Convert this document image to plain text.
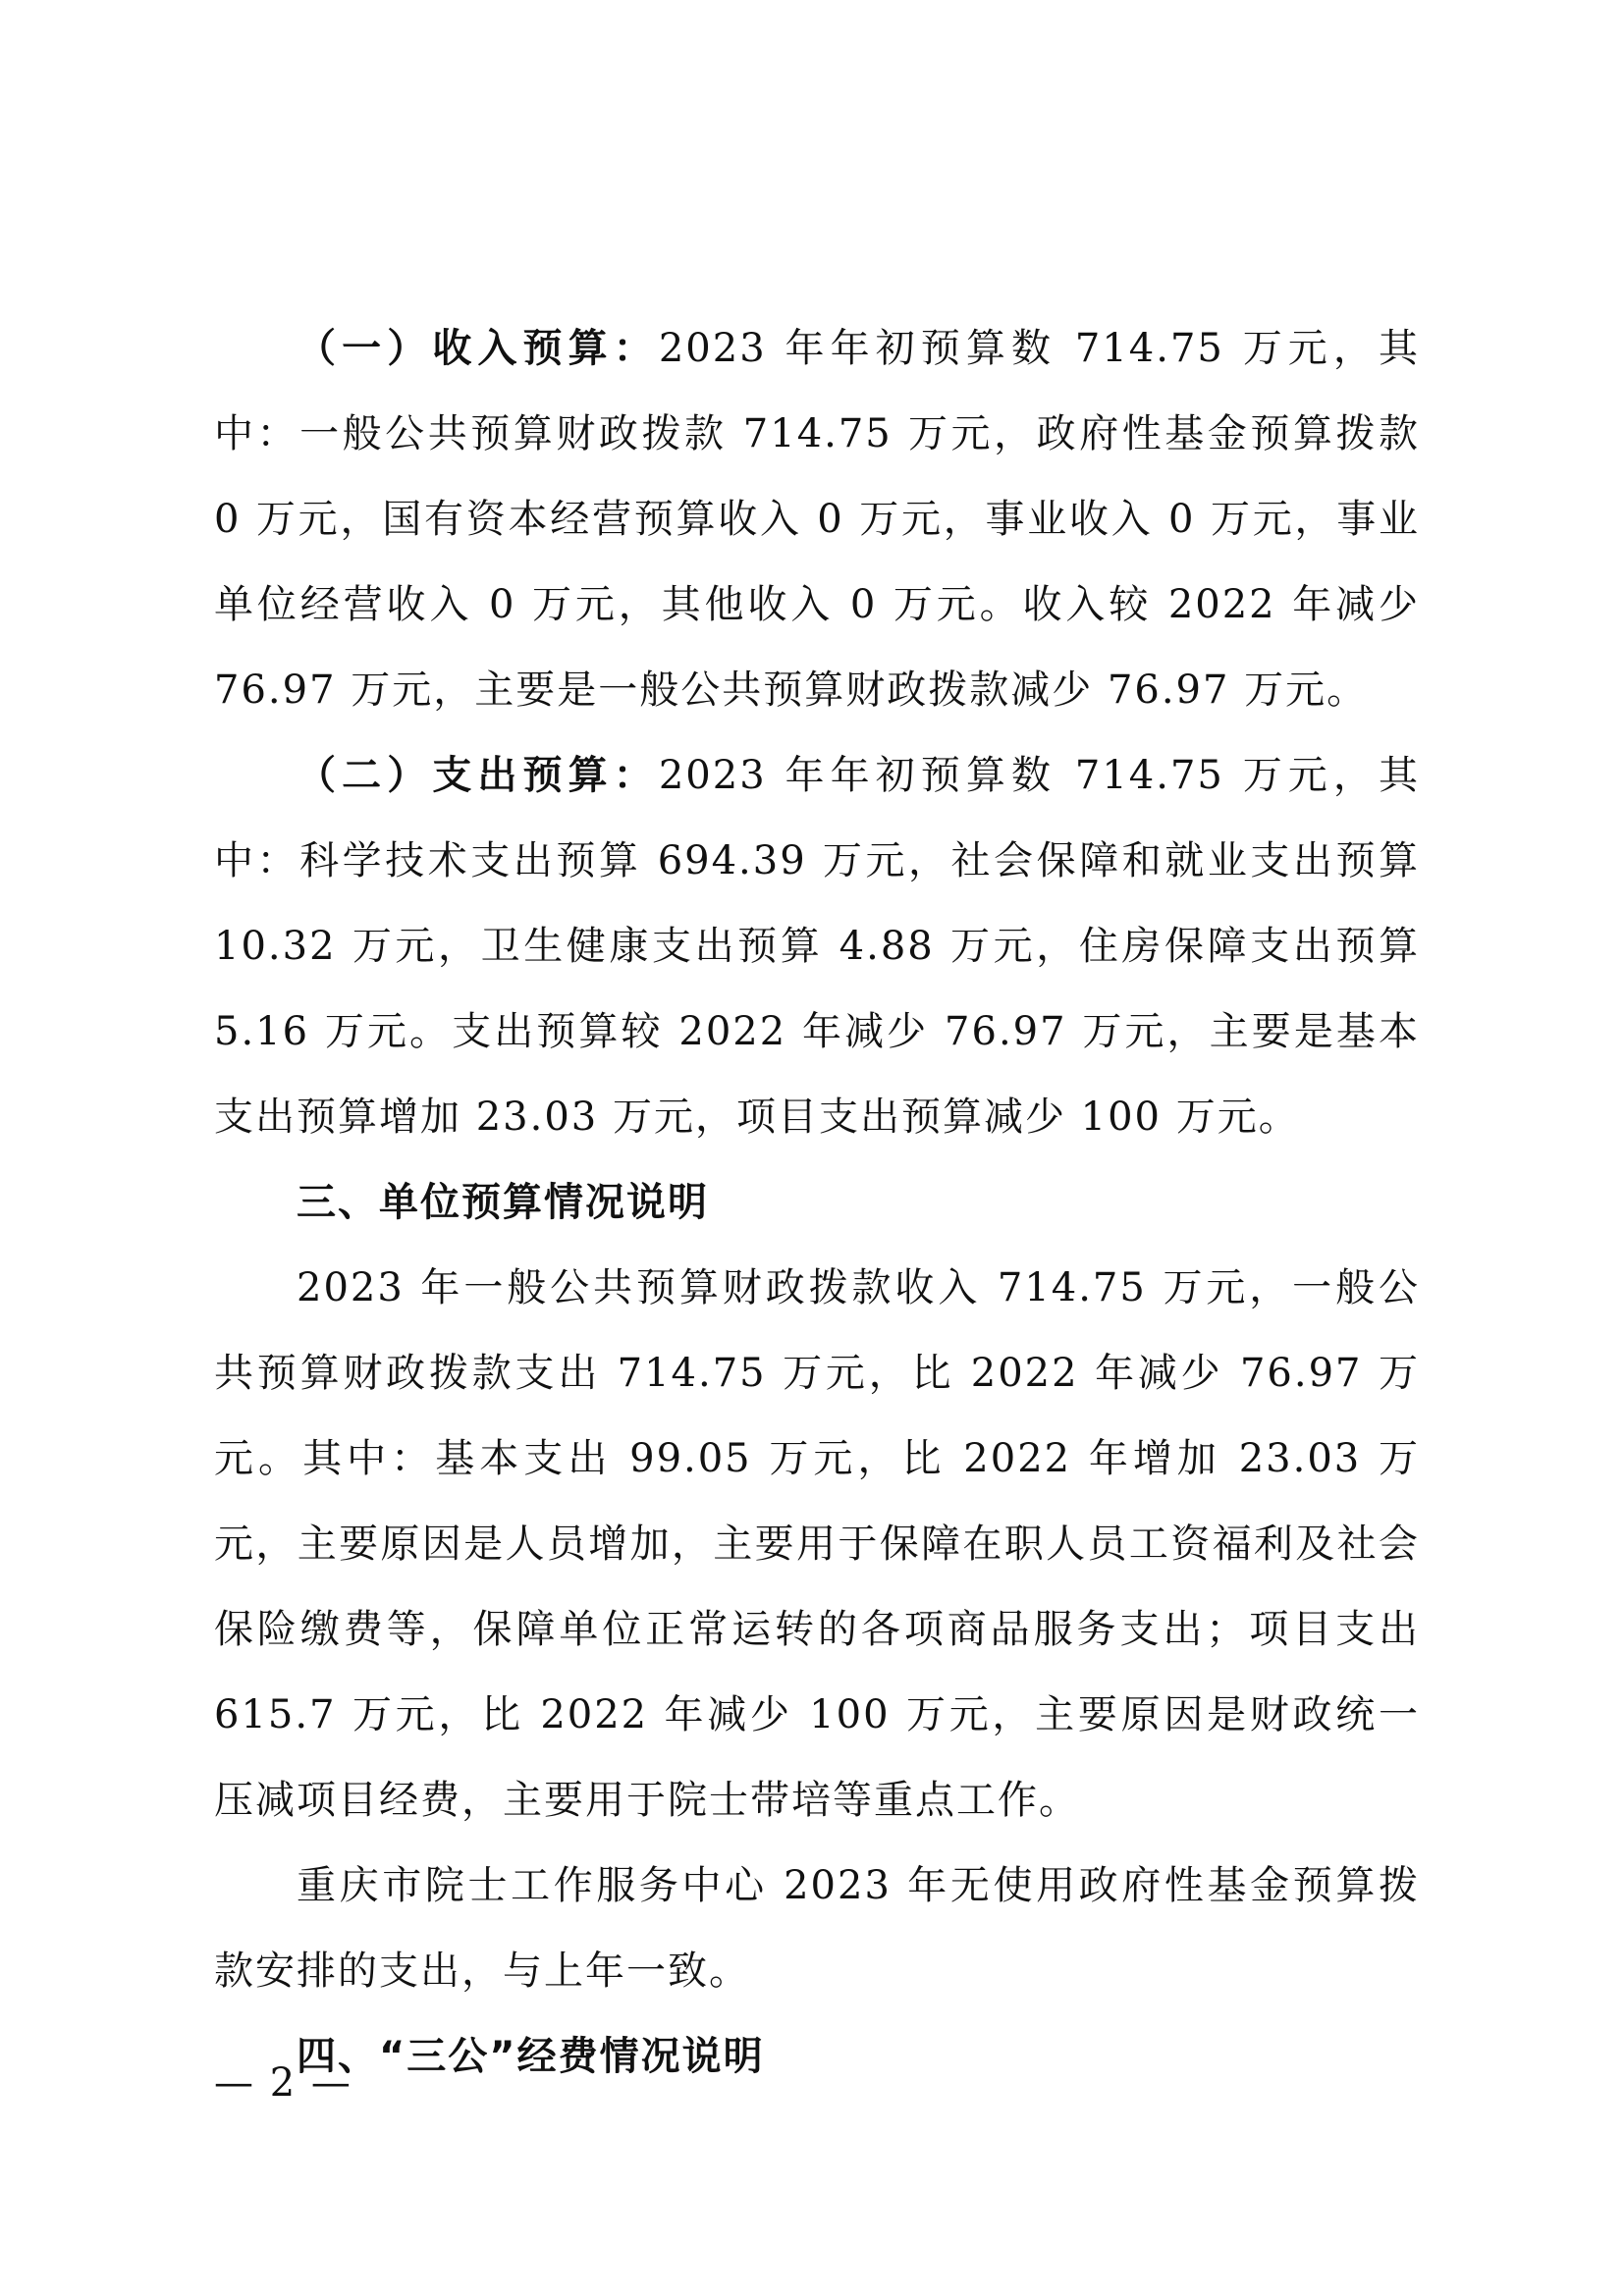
（一）收入预算：2023 年年初预算数 714.75 万元，其中：一般公共预算财政拨款 714.75 万元，政府性基金预算拨款 0 万元，国有资本经营预算收入 0 万元，事业收入 0 万元，事业单位经营收入 0 万元，其他收入 0 万元。收入较 2022 年减少 76.97 万元，主要是一般公共预算财政拨款减少 76.97 万元。

（二）支出预算：2023 年年初预算数 714.75 万元，其中：科学技术支出预算 694.39 万元，社会保障和就业支出预算 10.32 万元，卫生健康支出预算 4.88 万元，住房保障支出预算 5.16 万元。支出预算较 2022 年减少 76.97 万元，主要是基本支出预算增加 23.03 万元，项目支出预算减少 100 万元。

三、单位预算情况说明

2023 年一般公共预算财政拨款收入 714.75 万元，一般公共预算财政拨款支出 714.75 万元，比 2022 年减少 76.97 万元。其中：基本支出 99.05 万元，比 2022 年增加 23.03 万元，主要原因是人员增加，主要用于保障在职人员工资福利及社会保险缴费等，保障单位正常运转的各项商品服务支出；项目支出 615.7 万元，比 2022 年减少 100 万元，主要原因是财政统一压减项目经费，主要用于院士带培等重点工作。

重庆市院士工作服务中心 2023 年无使用政府性基金预算拨款安排的支出，与上年一致。

四、“三公”经费情况说明

— 2 —
